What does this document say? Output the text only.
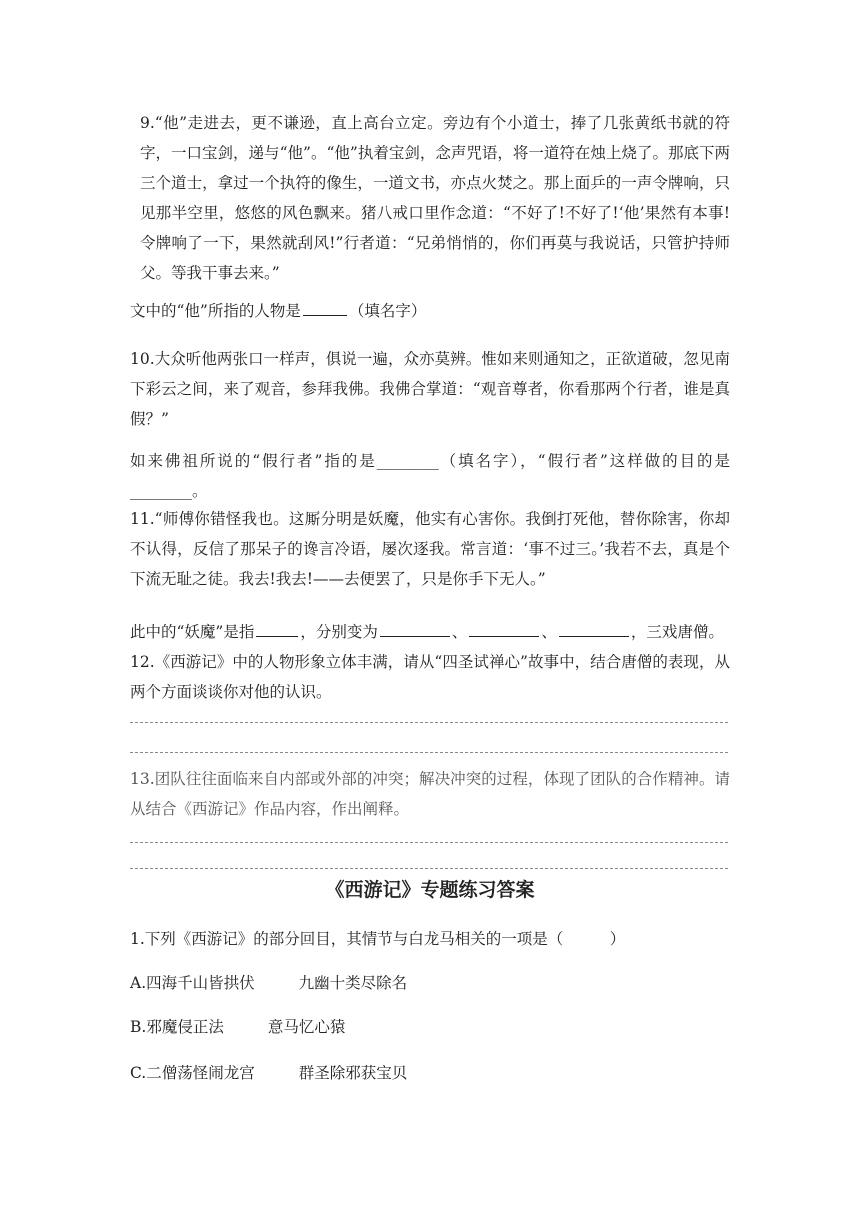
9.“他”走进去，更不谦逊，直上高台立定。旁边有个小道士，捧了几张黄纸书就的符字，一口宝剑，递与“他”。“他”执着宝剑，念声咒语，将一道符在烛上烧了。那底下两三个道士，拿过一个执符的像生，一道文书，亦点火焚之。那上面乒的一声令牌响，只见那半空里，悠悠的风色飘来。猪八戒口里作念道：“不好了!不好了!‘他’果然有本事!令牌响了一下，果然就刮风!”行者道：“兄弟悄悄的，你们再莫与我说话，只管护持师父。等我干事去来。”
文中的“他”所指的人物是	（填名字）
10.大众听他两张口一样声，俱说一遍，众亦莫辨。惟如来则通知之，正欲道破，忽见南下彩云之间，来了观音，参拜我佛。我佛合掌道：“观音尊者，你看那两个行者，谁是真假？”
如来佛祖所说的“假行者”指的是________（填名字），“假行者”这样做的目的是________。
11.“师傅你错怪我也。这厮分明是妖魔，他实有心害你。我倒打死他，替你除害，你却不认得，反信了那呆子的谗言冷语，屡次逐我。常言道：‘事不过三。’我若不去，真是个下流无耻之徒。我去!我去!——去便罢了，只是你手下无人。”
此中的“妖魔”是指	，分别变为	、	、	，三戏唐僧。
12.《西游记》中的人物形象立体丰满，请从“四圣试禅心”故事中，结合唐僧的表现，从两个方面谈谈你对他的认识。
13.团队往往面临来自内部或外部的冲突；解决冲突的过程，体现了团队的合作精神。请从结合《西游记》作品内容，作出阐释。
《西游记》专题练习答案
1.下列《西游记》的部分回目，其情节与白龙马相关的一项是（　　　）
A.四海千山皆拱伏	九幽十类尽除名
B.邪魔侵正法	意马忆心猿
C.二僧荡怪闹龙宫	群圣除邪获宝贝
